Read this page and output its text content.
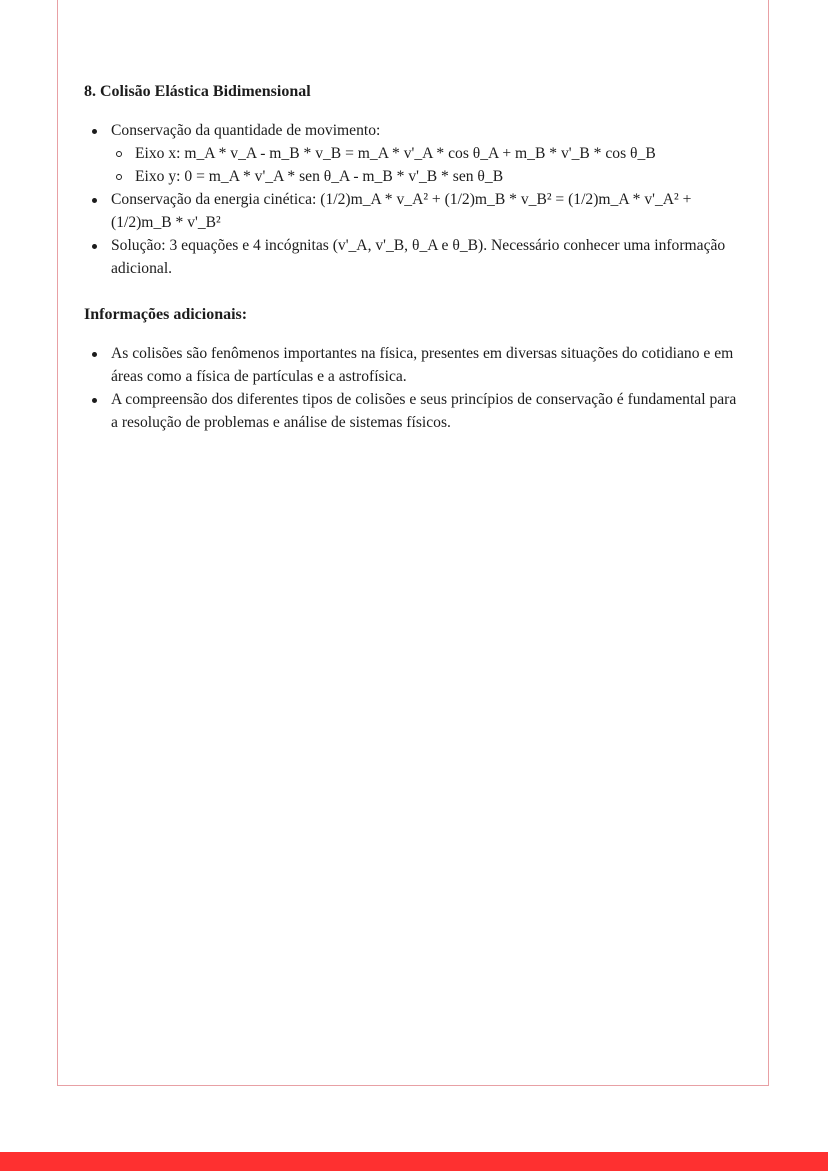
8. Colisão Elástica Bidimensional
Conservação da quantidade de movimento:
Eixo x: m_A * v_A - m_B * v_B = m_A * v'_A * cos θ_A + m_B * v'_B * cos θ_B
Eixo y: 0 = m_A * v'_A * sen θ_A - m_B * v'_B * sen θ_B
Conservação da energia cinética: (1/2)m_A * v_A² + (1/2)m_B * v_B² = (1/2)m_A * v'_A² + (1/2)m_B * v'_B²
Solução: 3 equações e 4 incógnitas (v'_A, v'_B, θ_A e θ_B). Necessário conhecer uma informação adicional.
Informações adicionais:
As colisões são fenômenos importantes na física, presentes em diversas situações do cotidiano e em áreas como a física de partículas e a astrofísica.
A compreensão dos diferentes tipos de colisões e seus princípios de conservação é fundamental para a resolução de problemas e análise de sistemas físicos.
